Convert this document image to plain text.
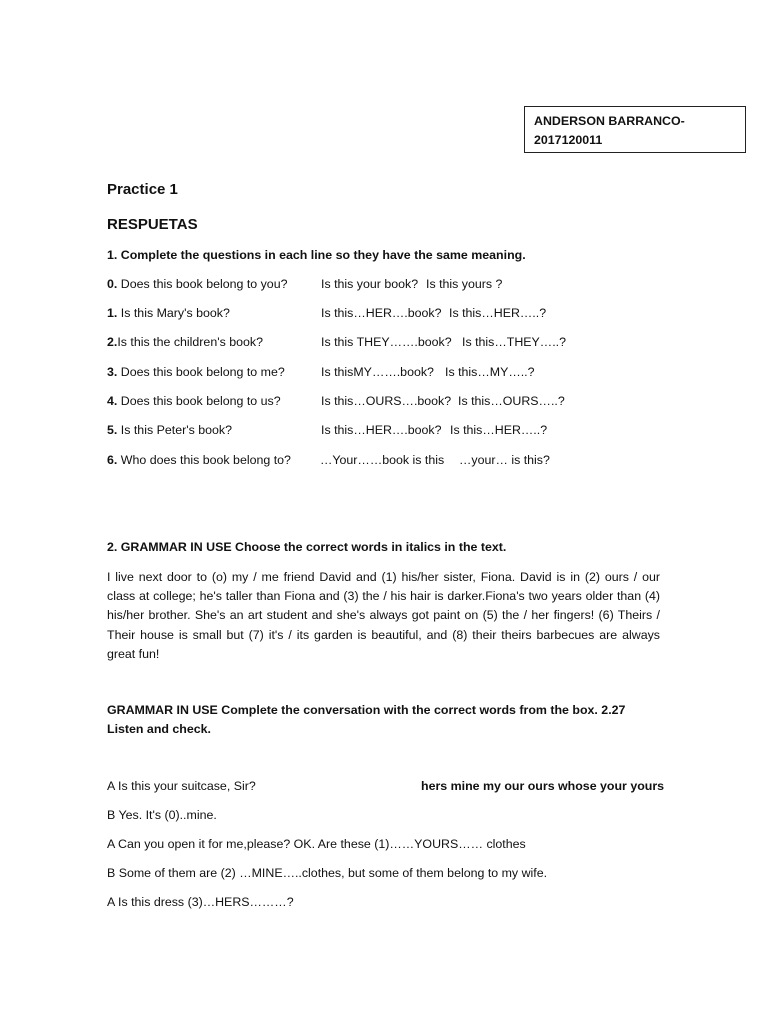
ANDERSON BARRANCO-
2017120011
Practice 1
RESPUETAS
1. Complete the questions in each line so they have the same meaning.
0. Does this book belong to you?	Is this your book? Is this yours ?
1. Is this Mary's book?	Is this…HER….book? Is this…HER…..?
2.Is this the children's book?	Is this THEY…….book? Is this…THEY…..?
3. Does this book belong to me?	Is thisMY…….book? Is this…MY…..?
4. Does this book belong to us?	Is this…OURS….book? Is this…OURS…..?
5. Is this Peter's book?	Is this…HER….book? Is this…HER…..?
6. Who does this book belong to? …Your……book is this …your… is this?
2. GRAMMAR IN USE Choose the correct words in italics in the text.
I live next door to (o) my / me friend David and (1) his/her sister, Fiona. David is in (2) ours / our class at college; he's taller than Fiona and (3) the / his hair is darker.Fiona's two years older than (4) his/her brother. She's an art student and she's always got paint on (5) the / her fingers! (6) Theirs / Their house is small but (7) it's / its garden is beautiful, and (8) their theirs barbecues are always great fun!
GRAMMAR IN USE Complete the conversation with the correct words from the box. 2.27 Listen and check.
A Is this your suitcase, Sir?	hers mine my our ours whose your yours
B Yes. It's (0)..mine.
A Can you open it for me,please? OK. Are these (1)……YOURS…… clothes
B Some of them are (2) …MINE…..clothes, but some of them belong to my wife.
A Is this dress (3)…HERS………?
